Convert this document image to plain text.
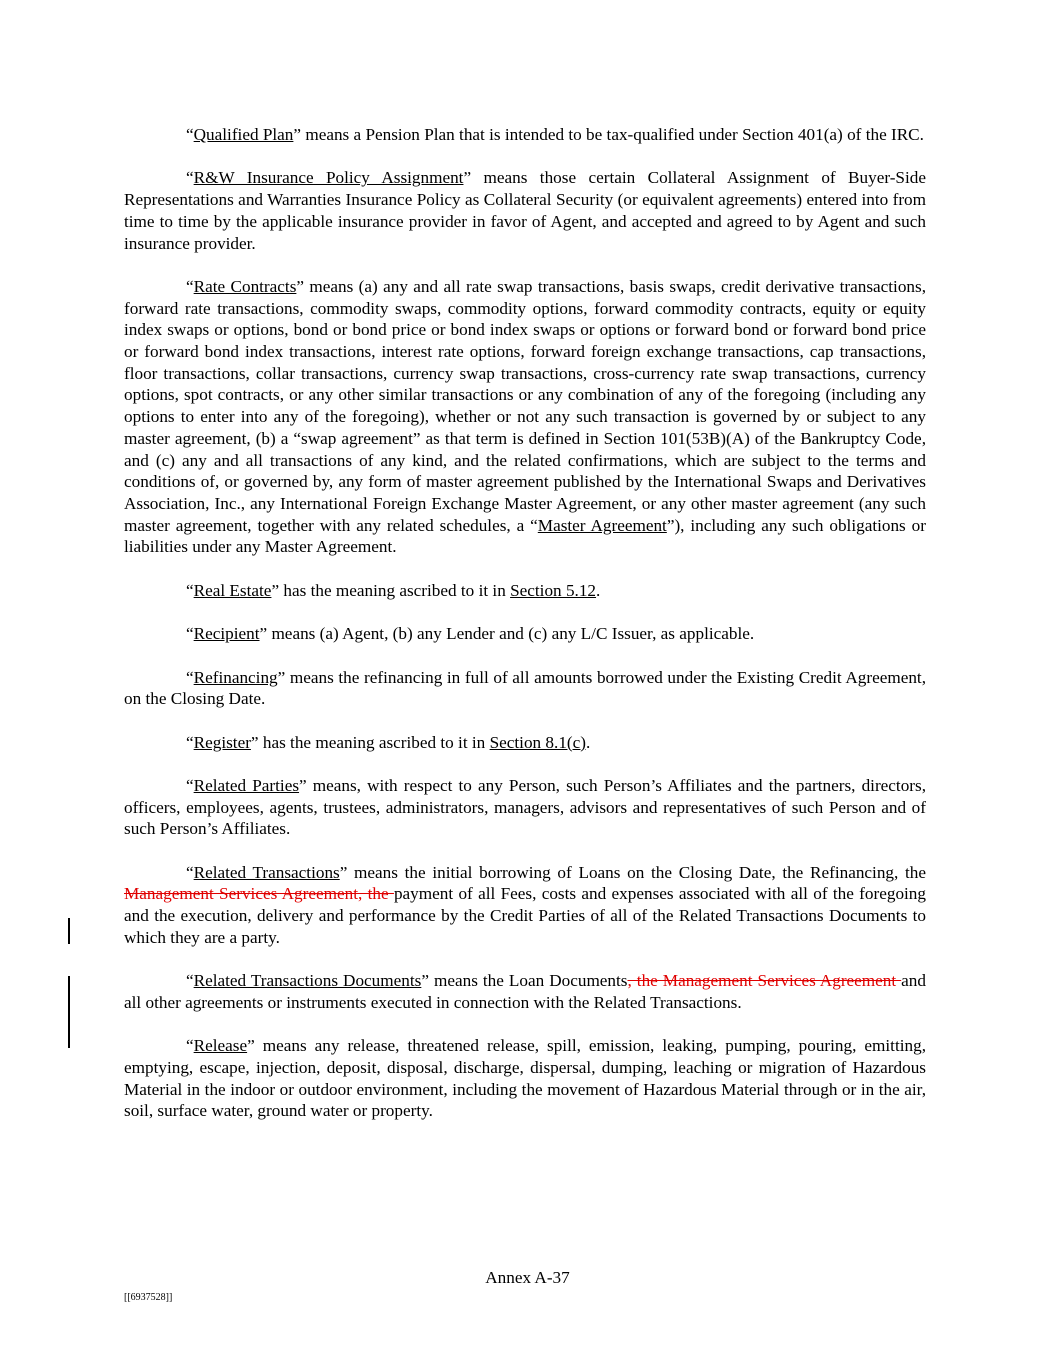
“Qualified Plan” means a Pension Plan that is intended to be tax-qualified under Section 401(a) of the IRC.

“R&W Insurance Policy Assignment” means those certain Collateral Assignment of Buyer-Side Representations and Warranties Insurance Policy as Collateral Security (or equivalent agreements) entered into from time to time by the applicable insurance provider in favor of Agent, and accepted and agreed to by Agent and such insurance provider.

“Rate Contracts” means (a) any and all rate swap transactions, basis swaps, credit derivative transactions, forward rate transactions, commodity swaps, commodity options, forward commodity contracts, equity or equity index swaps or options, bond or bond price or bond index swaps or options or forward bond or forward bond price or forward bond index transactions, interest rate options, forward foreign exchange transactions, cap transactions, floor transactions, collar transactions, currency swap transactions, cross-currency rate swap transactions, currency options, spot contracts, or any other similar transactions or any combination of any of the foregoing (including any options to enter into any of the foregoing), whether or not any such transaction is governed by or subject to any master agreement, (b) a “swap agreement” as that term is defined in Section 101(53B)(A) of the Bankruptcy Code, and (c) any and all transactions of any kind, and the related confirmations, which are subject to the terms and conditions of, or governed by, any form of master agreement published by the International Swaps and Derivatives Association, Inc., any International Foreign Exchange Master Agreement, or any other master agreement (any such master agreement, together with any related schedules, a “Master Agreement”), including any such obligations or liabilities under any Master Agreement.

“Real Estate” has the meaning ascribed to it in Section 5.12.

“Recipient” means (a) Agent, (b) any Lender and (c) any L/C Issuer, as applicable.

“Refinancing” means the refinancing in full of all amounts borrowed under the Existing Credit Agreement, on the Closing Date.

“Register” has the meaning ascribed to it in Section 8.1(c).

“Related Parties” means, with respect to any Person, such Person’s Affiliates and the partners, directors, officers, employees, agents, trustees, administrators, managers, advisors and representatives of such Person and of such Person’s Affiliates.

“Related Transactions” means the initial borrowing of Loans on the Closing Date, the Refinancing, the Management Services Agreement, the payment of all Fees, costs and expenses associated with all of the foregoing and the execution, delivery and performance by the Credit Parties of all of the Related Transactions Documents to which they are a party.

“Related Transactions Documents” means the Loan Documents, the Management Services Agreement and all other agreements or instruments executed in connection with the Related Transactions.

“Release” means any release, threatened release, spill, emission, leaking, pumping, pouring, emitting, emptying, escape, injection, deposit, disposal, discharge, dispersal, dumping, leaching or migration of Hazardous Material in the indoor or outdoor environment, including the movement of Hazardous Material through or in the air, soil, surface water, ground water or property.

Annex A-37
[[6937528]]
